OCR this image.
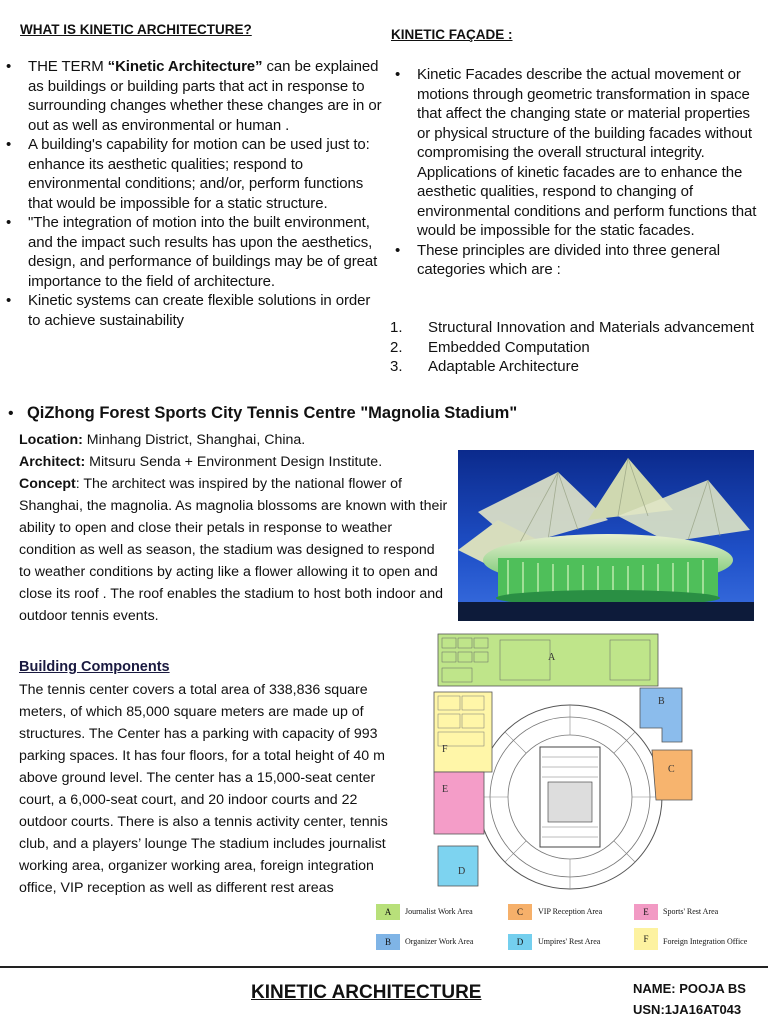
WHAT IS KINETIC ARCHITECTURE?
• THE TERM “Kinetic Architecture” can be explained as buildings or building parts that act in response to surrounding changes whether these changes are in or out as well as environmental or human .
• A building's capability for motion can be used just to: enhance its aesthetic qualities; respond to environmental conditions; and/or, perform functions that would be impossible for a static structure.
• "The integration of motion into the built environment, and the impact such results has upon the aesthetics, design, and performance of buildings may be of great importance to the field of architecture.
• Kinetic systems can create flexible solutions in order to achieve sustainability
KINETIC FAÇADE :
• Kinetic Facades describe the actual movement or motions through geometric transformation in space that affect the changing state or material properties or physical structure of the building facades without compromising the overall structural integrity. Applications of kinetic facades are to enhance the aesthetic qualities, respond to changing of environmental conditions and perform functions that would be impossible for the static facades.
• These principles are divided into three general categories which are :
1. Structural Innovation and Materials advancement
2. Embedded Computation
3. Adaptable Architecture
•   QiZhong Forest Sports City Tennis Centre "Magnolia Stadium"
Location: Minhang District, Shanghai, China.
Architect: Mitsuru Senda + Environment Design Institute.
Concept: The architect was inspired by the national flower of Shanghai, the magnolia. As magnolia blossoms are known with their ability to open and close their petals in response to weather condition as well as season, the stadium was designed to respond to weather conditions by acting like a flower allowing it to open and close its roof . The roof enables the stadium to host both indoor and outdoor tennis events.
Building Components
The tennis center covers a total area of 338,836 square meters, of which 85,000 square meters are made up of structures. The Center has a parking with capacity of 993 parking spaces. It has four floors, for a total height of 40 m above ground level. The center has a 15,000-seat center court, a 6,000-seat court, and 20 indoor courts and 22 outdoor courts. There is also a tennis activity center, tennis club, and a players’ lounge The stadium includes journalist working area, organizer working area, foreign integration office, VIP reception as well as different rest areas
A
B
C
D
E
F
A	Journalist Work Area	C	VIP Reception Area	E	Sports' Rest Area
B	Organizer Work Area	D	Umpires' Rest Area	F	Foreign Integration Office
KINETIC ARCHITECTURE	NAME: POOJA BS
USN:1JA16AT043
